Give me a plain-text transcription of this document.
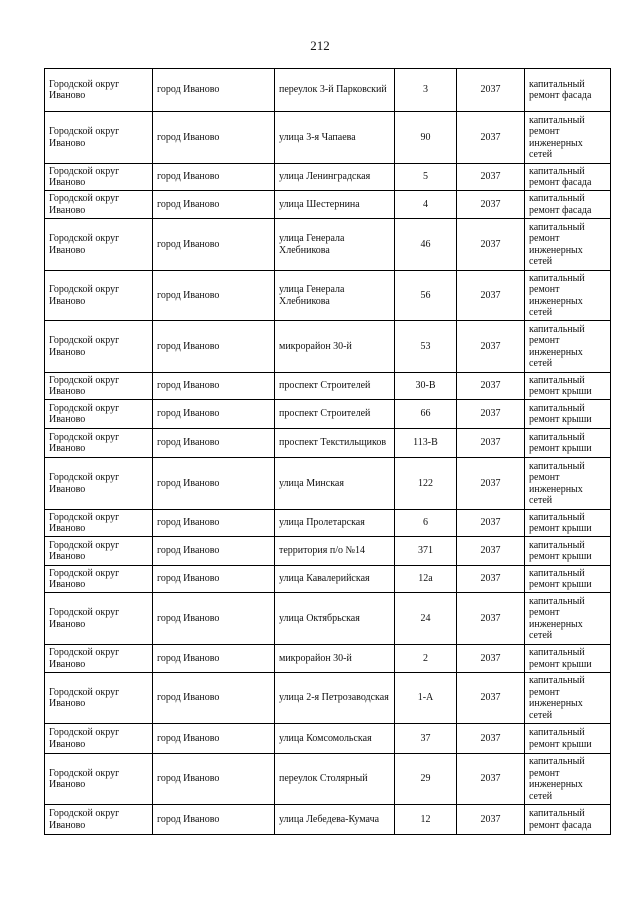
212
Городской округ Иваново	город Иваново	переулок 3-й Парковский	3	2037	капитальный ремонт фасада
Городской округ Иваново	город Иваново	улица 3-я Чапаева	90	2037	капитальный ремонт инженерных сетей
Городской округ Иваново	город Иваново	улица Ленинградская	5	2037	капитальный ремонт фасада
Городской округ Иваново	город Иваново	улица Шестернина	4	2037	капитальный ремонт фасада
Городской округ Иваново	город Иваново	улица Генерала Хлебникова	46	2037	капитальный ремонт инженерных сетей
Городской округ Иваново	город Иваново	улица Генерала Хлебникова	56	2037	капитальный ремонт инженерных сетей
Городской округ Иваново	город Иваново	микрорайон 30-й	53	2037	капитальный ремонт инженерных сетей
Городской округ Иваново	город Иваново	проспект Строителей	30-В	2037	капитальный ремонт крыши
Городской округ Иваново	город Иваново	проспект Строителей	66	2037	капитальный ремонт крыши
Городской округ Иваново	город Иваново	проспект Текстильщиков	113-В	2037	капитальный ремонт крыши
Городской округ Иваново	город Иваново	улица Минская	122	2037	капитальный ремонт инженерных сетей
Городской округ Иваново	город Иваново	улица Пролетарская	6	2037	капитальный ремонт крыши
Городской округ Иваново	город Иваново	территория п/о №14	371	2037	капитальный ремонт крыши
Городской округ Иваново	город Иваново	улица Кавалерийская	12а	2037	капитальный ремонт крыши
Городской округ Иваново	город Иваново	улица Октябрьская	24	2037	капитальный ремонт инженерных сетей
Городской округ Иваново	город Иваново	микрорайон 30-й	2	2037	капитальный ремонт крыши
Городской округ Иваново	город Иваново	улица 2-я Петрозаводская	1-А	2037	капитальный ремонт инженерных сетей
Городской округ Иваново	город Иваново	улица Комсомольская	37	2037	капитальный ремонт крыши
Городской округ Иваново	город Иваново	переулок Столярный	29	2037	капитальный ремонт инженерных сетей
Городской округ Иваново	город Иваново	улица Лебедева-Кумача	12	2037	капитальный ремонт фасада
